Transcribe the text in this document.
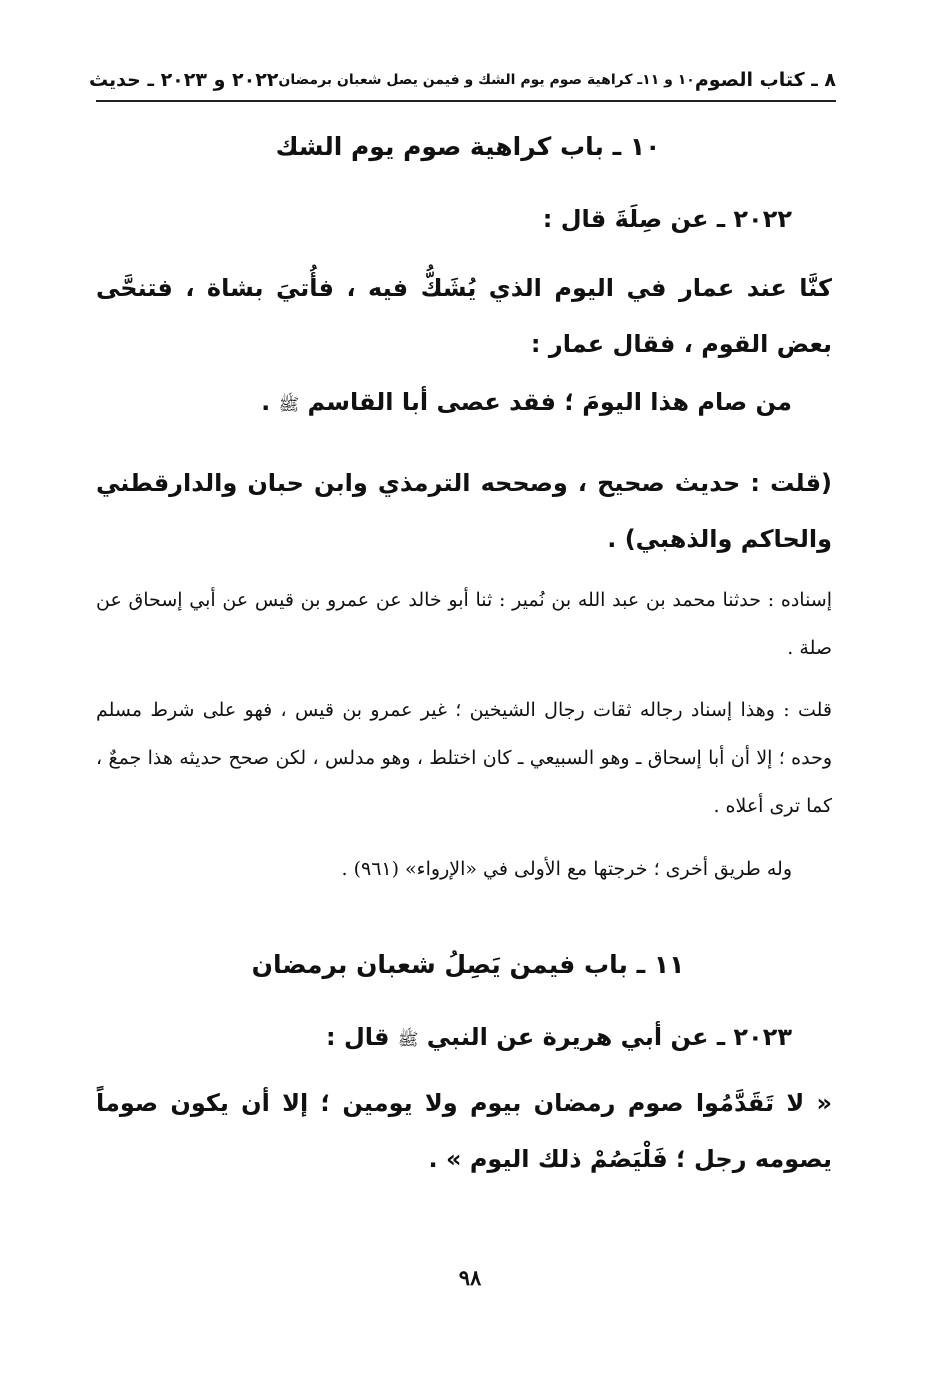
٨ ـ كتاب الصوم
١٠ و ١١ـ كراهية صوم يوم الشك و فيمن يصل شعبان برمضان
٢٠٢٢ و ٢٠٢٣ ـ حديث
١٠ ـ باب كراهية صوم يوم الشك
٢٠٢٢ ـ عن صِلَةَ قال :
كنَّا عند عمار في اليوم الذي يُشَكُّ فيه ، فأُتيَ بشاة ، فتنحَّى بعض القوم ، فقال عمار :
من صام هذا اليومَ ؛ فقد عصى أبا القاسم ﷺ .
(قلت : حديث صحيح ، وصححه الترمذي وابن حبان والدارقطني والحاكم والذهبي) .
إسناده : حدثنا محمد بن عبد الله بن نُمير : ثنا أبو خالد عن عمرو بن قيس عن أبي إسحاق عن صلة .
قلت : وهذا إسناد رجاله ثقات رجال الشيخين ؛ غير عمرو بن قيس ، فهو على شرط مسلم وحده ؛ إلا أن أبا إسحاق ـ وهو السبيعي ـ كان اختلط ، وهو مدلس ، لكن صحح حديثه هذا جمعٌ ، كما ترى أعلاه .
وله طريق أخرى ؛ خرجتها مع الأولى في «الإرواء» (٩٦١) .
١١ ـ باب فيمن يَصِلُ شعبان برمضان
٢٠٢٣ ـ عن أبي هريرة عن النبي ﷺ قال :
« لا تَقَدَّمُوا صوم رمضان بيوم ولا يومين ؛ إلا أن يكون صوماً يصومه رجل ؛ فَلْيَصُمْ ذلك اليوم » .
٩٨
